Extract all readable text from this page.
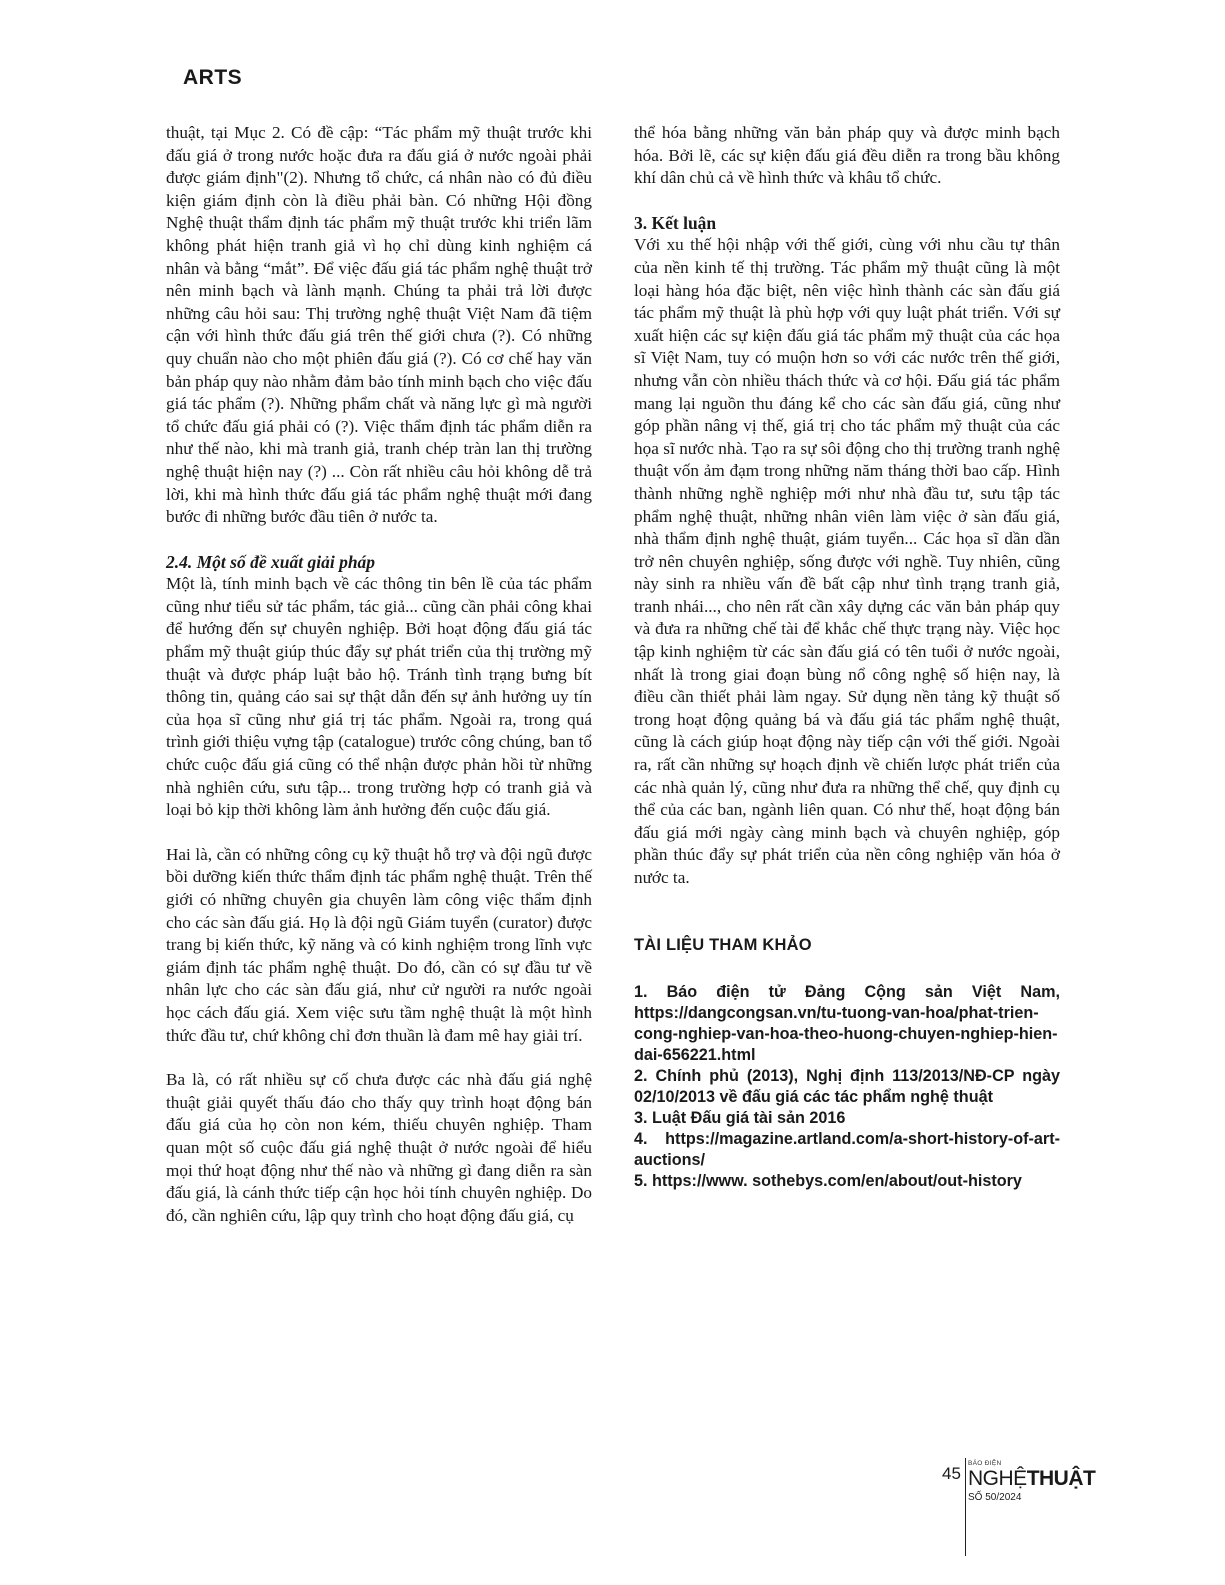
ARTS

thuật, tại Mục 2. Có đề cập: “Tác phẩm mỹ thuật trước khi đấu giá ở trong nước hoặc đưa ra đấu giá ở nước ngoài phải được giám định"(2). Nhưng tổ chức, cá nhân nào có đủ điều kiện giám định còn là điều phải bàn. Có những Hội đồng Nghệ thuật thẩm định tác phẩm mỹ thuật trước khi triển lãm không phát hiện tranh giả vì họ chỉ dùng kinh nghiệm cá nhân và bằng “mắt”. Để việc đấu giá tác phẩm nghệ thuật trở nên minh bạch và lành mạnh. Chúng ta phải trả lời được những câu hỏi sau: Thị trường nghệ thuật Việt Nam đã tiệm cận với hình thức đấu giá trên thế giới chưa (?). Có những quy chuẩn nào cho một phiên đấu giá (?). Có cơ chế hay văn bản pháp quy nào nhằm đảm bảo tính minh bạch cho việc đấu giá tác phẩm (?). Những phẩm chất và năng lực gì mà người tổ chức đấu giá phải có (?). Việc thẩm định tác phẩm diễn ra như thế nào, khi mà tranh giả, tranh chép tràn lan thị trường nghệ thuật hiện nay (?) ... Còn rất nhiều câu hỏi không dễ trả lời, khi mà hình thức đấu giá tác phẩm nghệ thuật mới đang bước đi những bước đầu tiên ở nước ta.

2.4. Một số đề xuất giải pháp

Một là, tính minh bạch về các thông tin bên lề của tác phẩm cũng như tiểu sử tác phẩm, tác giả... cũng cần phải công khai để hướng đến sự chuyên nghiệp. Bởi hoạt động đấu giá tác phẩm mỹ thuật giúp thúc đẩy sự phát triển của thị trường mỹ thuật và được pháp luật bảo hộ. Tránh tình trạng bưng bít thông tin, quảng cáo sai sự thật dẫn đến sự ảnh hưởng uy tín của họa sĩ cũng như giá trị tác phẩm. Ngoài ra, trong quá trình giới thiệu vựng tập (catalogue) trước công chúng, ban tổ chức cuộc đấu giá cũng có thể nhận được phản hồi từ những nhà nghiên cứu, sưu tập... trong trường hợp có tranh giả và loại bỏ kịp thời không làm ảnh hưởng đến cuộc đấu giá.

Hai là, cần có những công cụ kỹ thuật hỗ trợ và đội ngũ được bồi dưỡng kiến thức thẩm định tác phẩm nghệ thuật. Trên thế giới có những chuyên gia chuyên làm công việc thẩm định cho các sàn đấu giá. Họ là đội ngũ Giám tuyển (curator) được trang bị kiến thức, kỹ năng và có kinh nghiệm trong lĩnh vực giám định tác phẩm nghệ thuật. Do đó, cần có sự đầu tư về nhân lực cho các sàn đấu giá, như cử người ra nước ngoài học cách đấu giá. Xem việc sưu tầm nghệ thuật là một hình thức đầu tư, chứ không chỉ đơn thuần là đam mê hay giải trí.

Ba là, có rất nhiều sự cố chưa được các nhà đấu giá nghệ thuật giải quyết thấu đáo cho thấy quy trình hoạt động bán đấu giá của họ còn non kém, thiếu chuyên nghiệp. Tham quan một số cuộc đấu giá nghệ thuật ở nước ngoài để hiểu mọi thứ hoạt động như thế nào và những gì đang diễn ra sàn đấu giá, là cánh thức tiếp cận học hỏi tính chuyên nghiệp. Do đó, cần nghiên cứu, lập quy trình cho hoạt động đấu giá, cụ

thể hóa bằng những văn bản pháp quy và được minh bạch hóa. Bởi lẽ, các sự kiện đấu giá đều diễn ra trong bầu không khí dân chủ cả về hình thức và khâu tổ chức.

3. Kết luận

Với xu thế hội nhập với thế giới, cùng với nhu cầu tự thân của nền kinh tế thị trường. Tác phẩm mỹ thuật cũng là một loại hàng hóa đặc biệt, nên việc hình thành các sàn đấu giá tác phẩm mỹ thuật là phù hợp với quy luật phát triển. Với sự xuất hiện các sự kiện đấu giá tác phẩm mỹ thuật của các họa sĩ Việt Nam, tuy có muộn hơn so với các nước trên thế giới, nhưng vẫn còn nhiều thách thức và cơ hội. Đấu giá tác phẩm mang lại nguồn thu đáng kể cho các sàn đấu giá, cũng như góp phần nâng vị thế, giá trị cho tác phẩm mỹ thuật của các họa sĩ nước nhà. Tạo ra sự sôi động cho thị trường tranh nghệ thuật vốn ảm đạm trong những năm tháng thời bao cấp. Hình thành những nghề nghiệp mới như nhà đầu tư, sưu tập tác phẩm nghệ thuật, những nhân viên làm việc ở sàn đấu giá, nhà thẩm định nghệ thuật, giám tuyển... Các họa sĩ dần dần trở nên chuyên nghiệp, sống được với nghề. Tuy nhiên, cũng này sinh ra nhiều vấn đề bất cập như tình trạng tranh giả, tranh nhái..., cho nên rất cần xây dựng các văn bản pháp quy và đưa ra những chế tài để khắc chế thực trạng này. Việc học tập kinh nghiệm từ các sàn đấu giá có tên tuổi ở nước ngoài, nhất là trong giai đoạn bùng nổ công nghệ số hiện nay, là điều cần thiết phải làm ngay. Sử dụng nền tảng kỹ thuật số trong hoạt động quảng bá và đấu giá tác phẩm nghệ thuật, cũng là cách giúp hoạt động này tiếp cận với thế giới. Ngoài ra, rất cần những sự hoạch định về chiến lược phát triển của các nhà quản lý, cũng như đưa ra những thể chế, quy định cụ thể của các ban, ngành liên quan. Có như thế, hoạt động bán đấu giá mới ngày càng minh bạch và chuyên nghiệp, góp phần thúc đẩy sự phát triển của nền công nghiệp văn hóa ở nước ta.

TÀI LIỆU THAM KHẢO
1. Báo điện tử Đảng Cộng sản Việt Nam, https://dangcongsan.vn/tu-tuong-van-hoa/phat-trien-cong-nghiep-van-hoa-theo-huong-chuyen-nghiep-hien-dai-656221.html
2. Chính phủ (2013), Nghị định 113/2013/NĐ-CP ngày 02/10/2013 về đấu giá các tác phẩm nghệ thuật
3. Luật Đấu giá tài sản 2016
4. https://magazine.artland.com/a-short-history-of-art-auctions/
5. https://www. sothebys.com/en/about/out-history
45
BÁO ĐIỆN
NGHỆTHUẬT
SỐ 50/2024
